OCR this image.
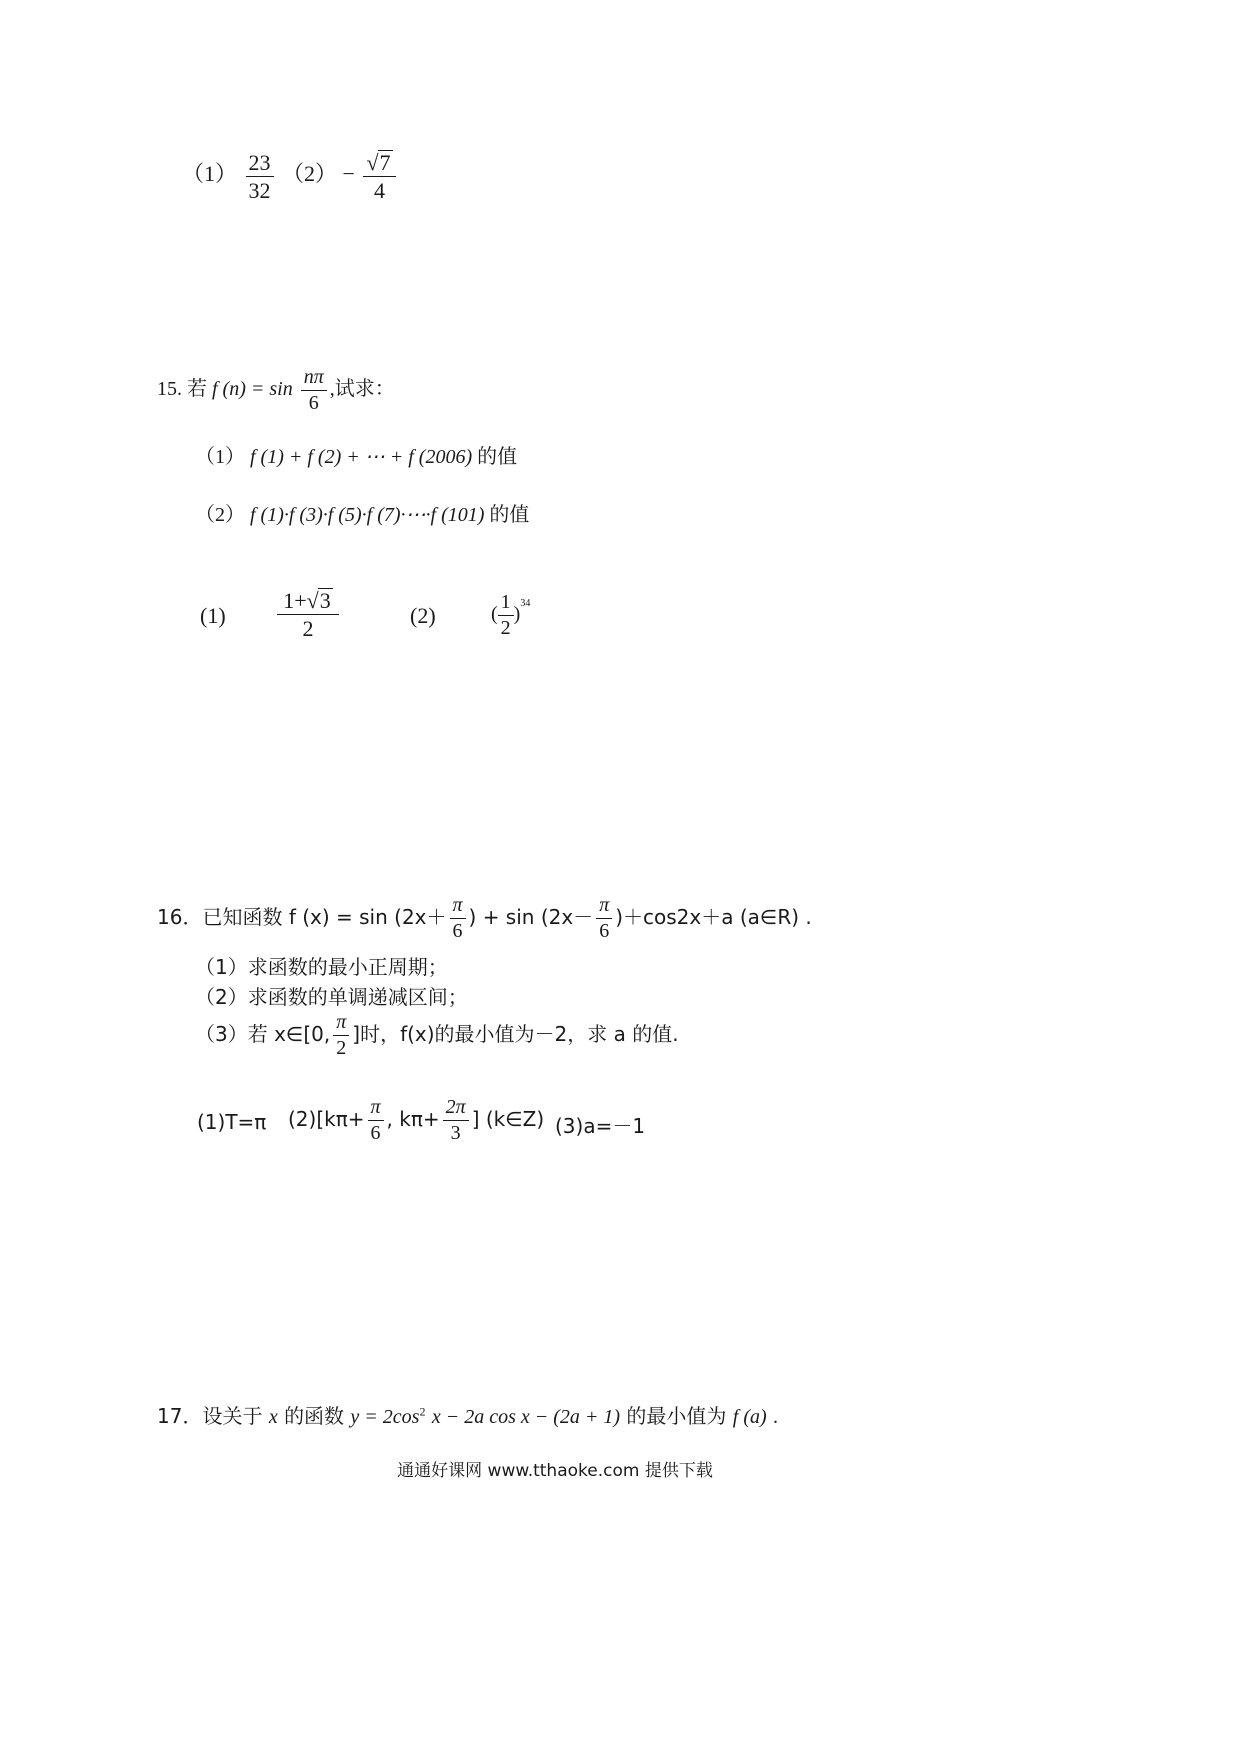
$(1) \frac{23}{32} (2) - \frac{√7}{4}$
15. 若 f $(n) = \sin \frac{n\pi}{6}$ ,试求：
（1） f (1) + f (2) + ⋯ + f (2006) 的值
（2） f (1)·f (3)·f (5)·f (7)·⋯·f (101) 的值
$(1) \frac{1+√3}{2}$	(2)	( $\frac{1}{2} )^{34}$
16．已知函数 f $(x) = \sin (2x+ \frac{\pi}{6}$ ) + $\sin (2x- \frac{\pi}{6} )+\cos 2x+a$ (a∈R) .
（1）求函数的最小正周期；
（2）求函数的单调递减区间；
（3）若 x∈[0, $\frac{\pi}{2}$ ]时，f(x)的最小值为－2，求 a 的值.
(1)T=π $(2)[k\pi+ \frac{\pi}{6}$ , $k\pi+ \frac{2\pi}{3}$ ] (k∈Z) (3)a=－1
17．设关于 x 的函数 $y = 2\cos^2$ x − 2a cos x − (2a + 1) 的最小值为 f (a) .
通通好课网 www.tthaoke.com 提供下载
